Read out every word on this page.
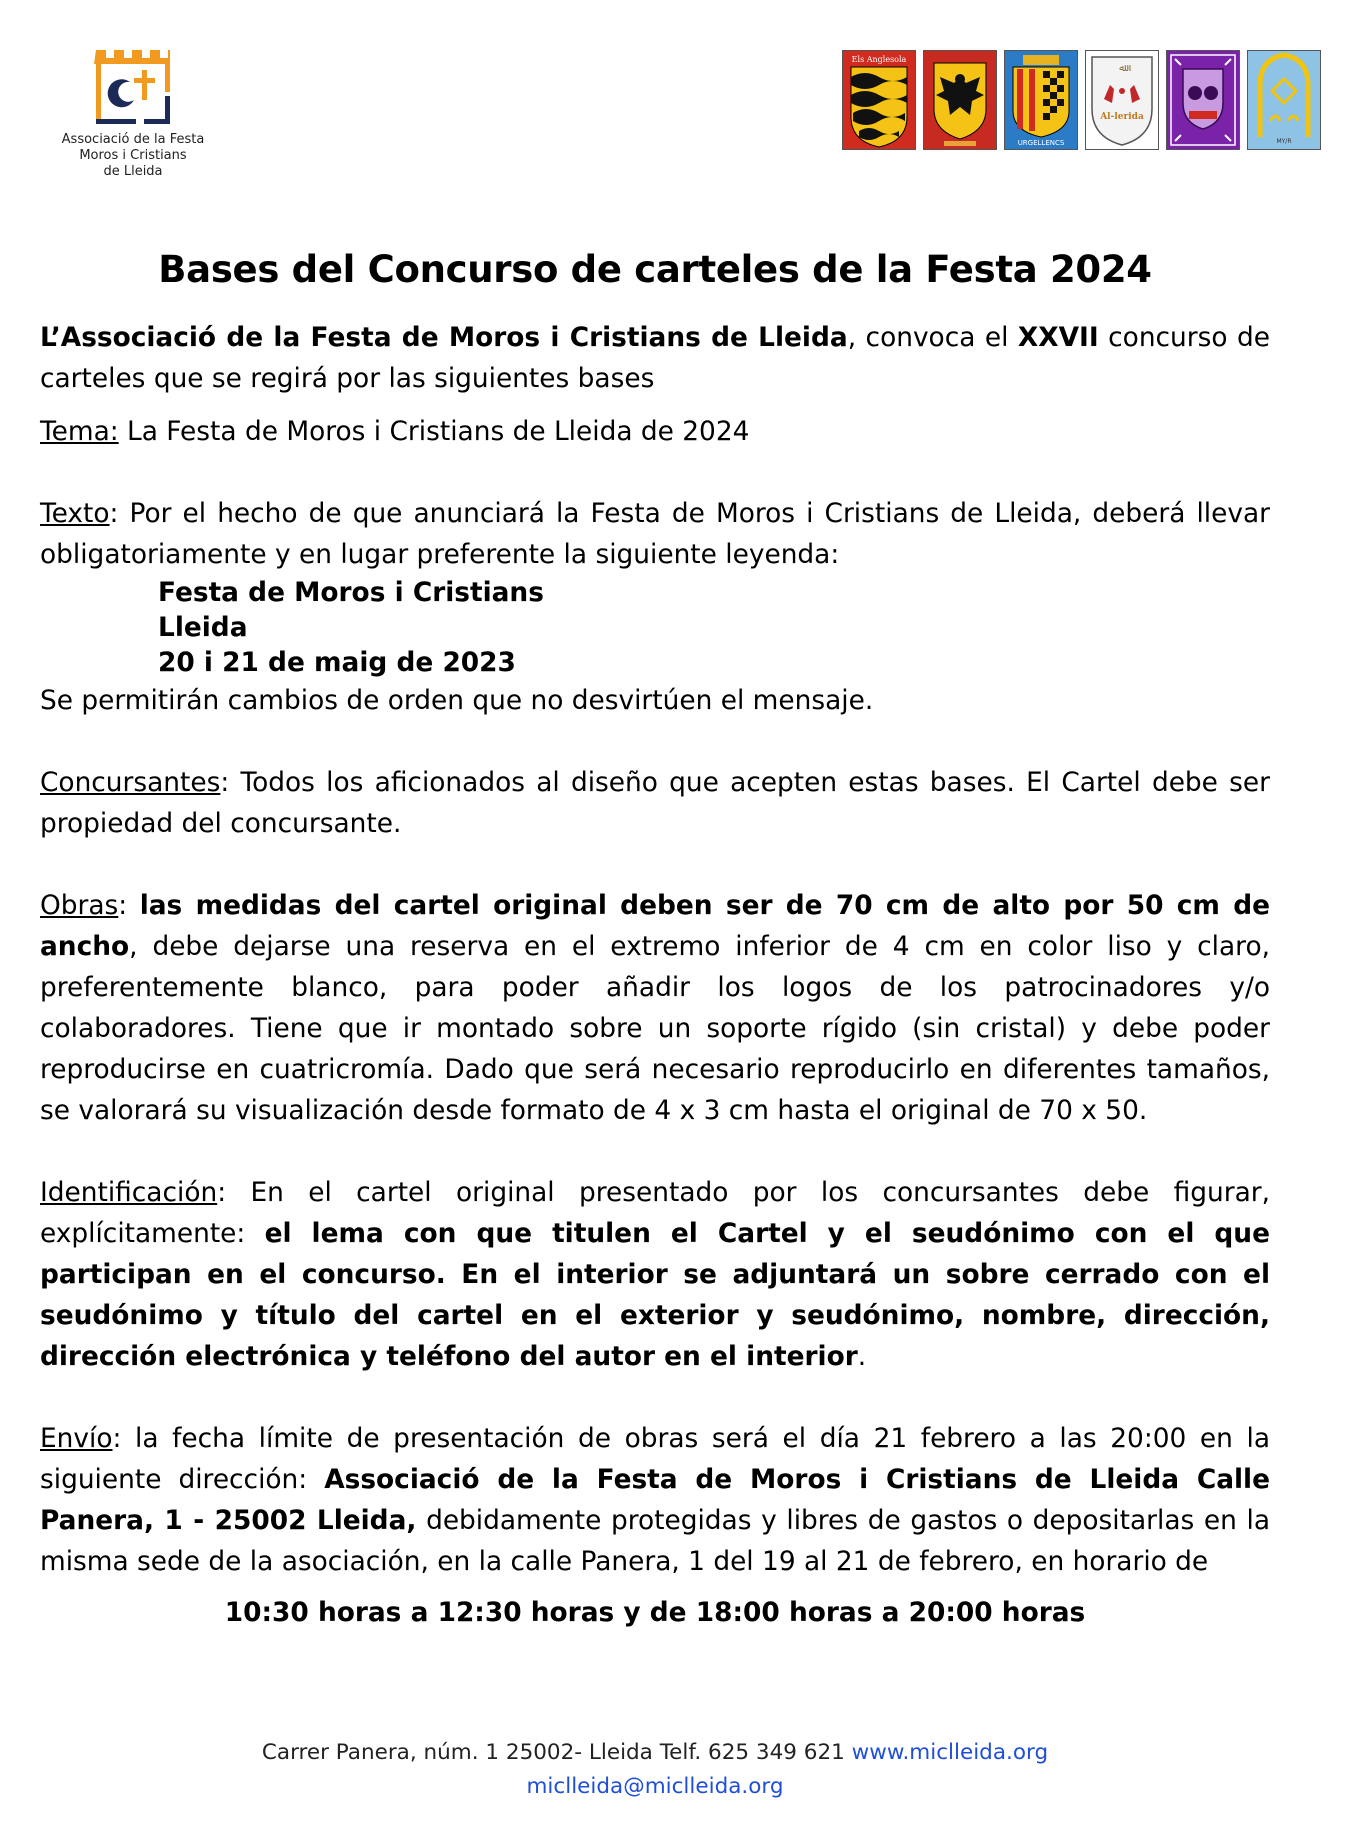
Associació de la Festa
Moros i Cristians
de Lleida
Els Anglesola
URGELLENCS
ﷲ
Al-lerida
MY/R
Bases del Concurso de carteles de la Festa 2024

L’Associació de la Festa de Moros i Cristians de Lleida, convoca el XXVII concurso de carteles que se regirá por las siguientes bases

Tema: La Festa de Moros i Cristians de Lleida de 2024

Texto: Por el hecho de que anunciará la Festa de Moros i Cristians de Lleida, deberá llevar obligatoriamente y en lugar preferente la siguiente leyenda:

Festa de Moros i Cristians

Lleida

20 i 21 de maig de 2023

Se permitirán cambios de orden que no desvirtúen el mensaje.

Concursantes: Todos los aficionados al diseño que acepten estas bases. El Cartel debe ser propiedad del concursante.

Obras: las medidas del cartel original deben ser de 70 cm de alto por 50 cm de ancho, debe dejarse una reserva en el extremo inferior de 4 cm en color liso y claro, preferentemente blanco, para poder añadir los logos de los patrocinadores y/o colaboradores. Tiene que ir montado sobre un soporte rígido (sin cristal) y debe poder reproducirse en cuatricromía. Dado que será necesario reproducirlo en diferentes tamaños, se valorará su visualización desde formato de 4 x 3 cm hasta el original de 70 x 50.

Identificación: En el cartel original presentado por los concursantes debe figurar, explícitamente: el lema con que titulen el Cartel y el seudónimo con el que participan en el concurso. En el interior se adjuntará un sobre cerrado con el seudónimo y título del cartel en el exterior y seudónimo, nombre, dirección, dirección electrónica y teléfono del autor en el interior.

Envío: la fecha límite de presentación de obras será el día 21 febrero a las 20:00 en la siguiente dirección: Associació de la Festa de Moros i Cristians de Lleida Calle Panera, 1 - 25002 Lleida, debidamente protegidas y libres de gastos o depositarlas en la misma sede de la asociación, en la calle Panera, 1 del 19 al 21 de febrero, en horario de

10:30 horas a 12:30 horas y de 18:00 horas a 20:00 horas

Carrer Panera, núm. 1 25002- Lleida Telf. 625 349 621 www.miclleida.org
miclleida@miclleida.org
